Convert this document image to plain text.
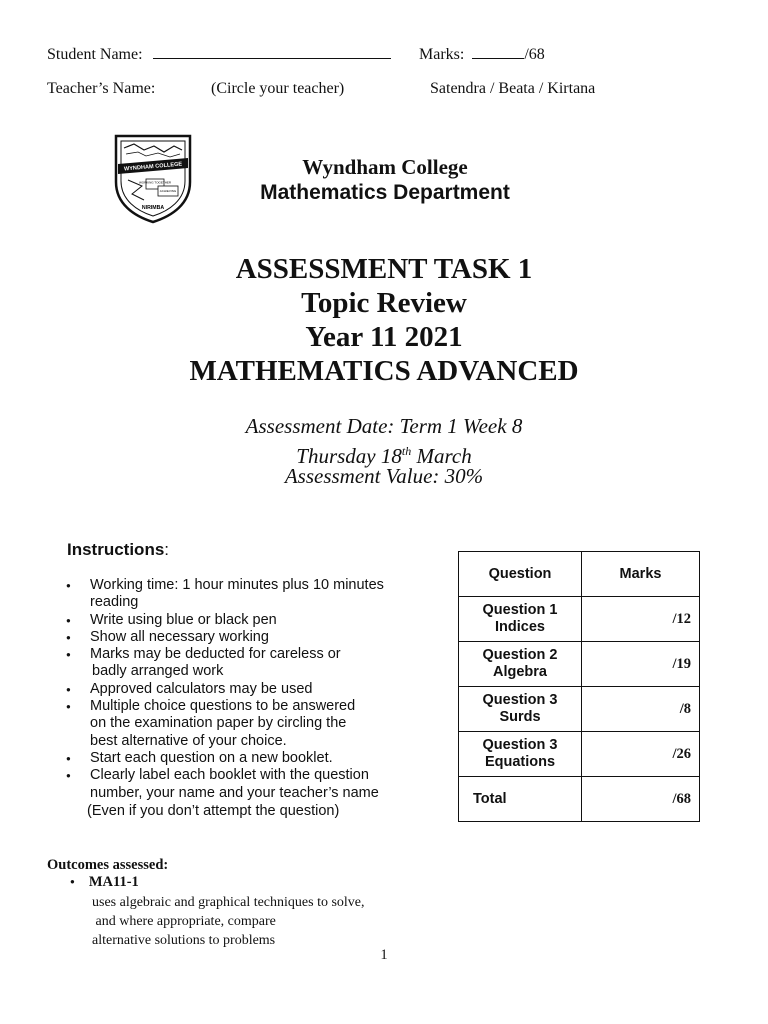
Student Name:	Marks:	/68
Teacher’s Name:	(Circle your teacher)	Satendra / Beata / Kirtana
WYNDHAM COLLEGE
WORKING TOGETHER
ACHIEVING
NIRIMBA
Wyndham College
Mathematics Department
ASSESSMENT TASK 1
Topic Review
Year 11 2021
MATHEMATICS ADVANCED
Assessment Date: Term 1 Week 8
Thursday 18th March
Assessment Value: 30%
Instructions:
● Working time: 1 hour minutes plus 10 minutes
reading
● Write using blue or black pen
● Show all necessary working
● Marks may be deducted for careless or
badly arranged work
● Approved calculators may be used
● Multiple choice questions to be answered
on the examination paper by circling the
best alternative of your choice.
● Start each question on a new booklet.
● Clearly label each booklet with the question
number, your name and your teacher’s name
(Even if you don’t attempt the question)
Question	Marks
Question 1
Indices	/12
Question 2
Algebra	/19
Question 3
Surds	/8
Question 3
Equations	/26
Total	/68
Outcomes assessed:
● MA11-1
uses algebraic and graphical techniques to solve,
and where appropriate, compare
alternative solutions to problems
1
